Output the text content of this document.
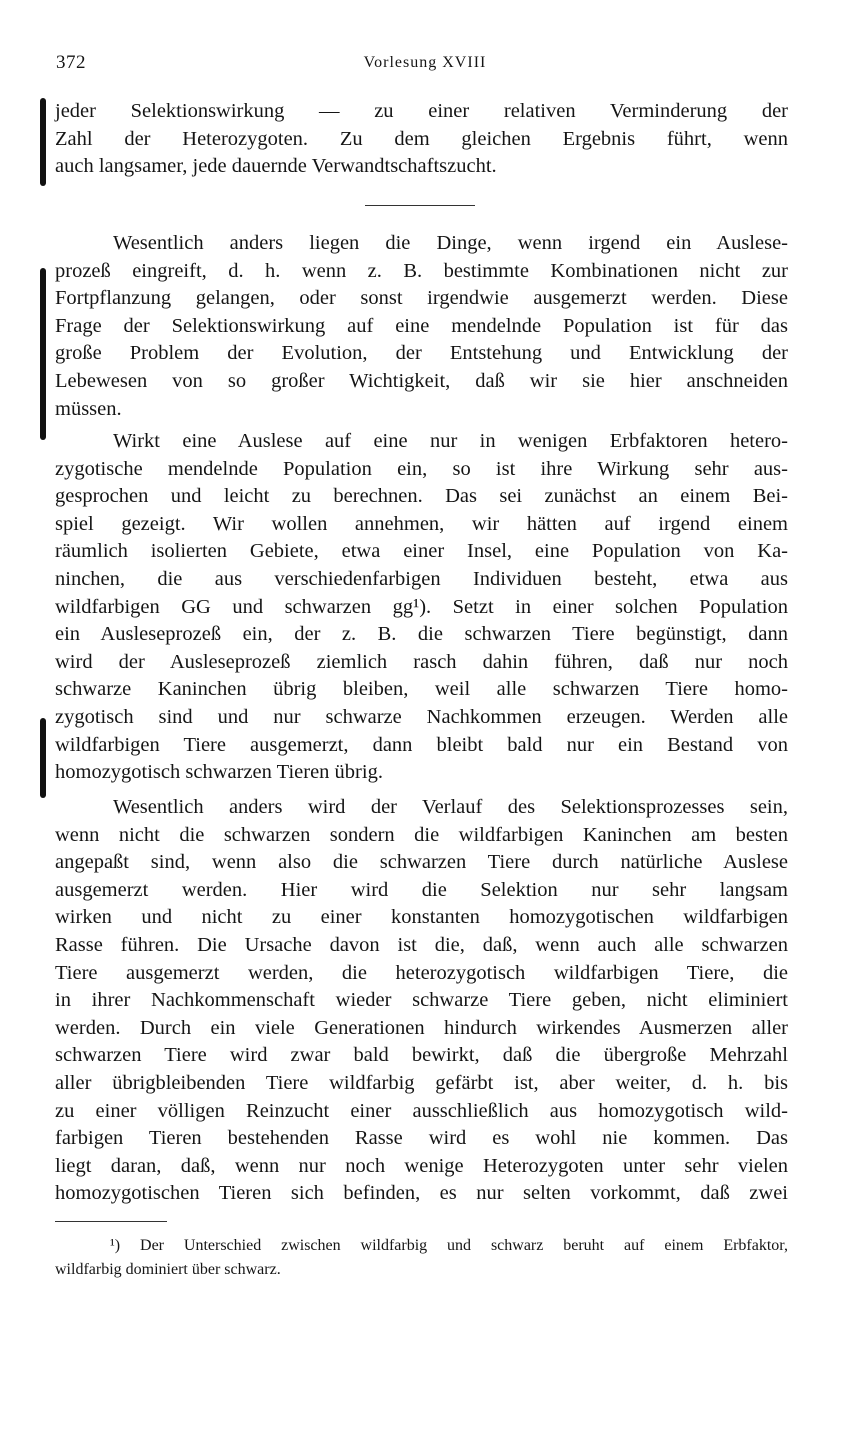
372	Vorlesung XVIII
jeder Selektionswirkung — zu einer relativen Verminderung der
Zahl der Heterozygoten. Zu dem gleichen Ergebnis führt, wenn
auch langsamer, jede dauernde Verwandtschaftszucht.
Wesentlich anders liegen die Dinge, wenn irgend ein Auslese-
prozeß eingreift, d. h. wenn z. B. bestimmte Kombinationen nicht zur
Fortpflanzung gelangen, oder sonst irgendwie ausgemerzt werden. Diese
Frage der Selektionswirkung auf eine mendelnde Population ist für das
große Problem der Evolution, der Entstehung und Entwicklung der
Lebewesen von so großer Wichtigkeit, daß wir sie hier anschneiden
müssen.
Wirkt eine Auslese auf eine nur in wenigen Erbfaktoren hetero-
zygotische mendelnde Population ein, so ist ihre Wirkung sehr aus-
gesprochen und leicht zu berechnen. Das sei zunächst an einem Bei-
spiel gezeigt. Wir wollen annehmen, wir hätten auf irgend einem
räumlich isolierten Gebiete, etwa einer Insel, eine Population von Ka-
ninchen, die aus verschiedenfarbigen Individuen besteht, etwa aus
wildfarbigen GG und schwarzen gg¹). Setzt in einer solchen Population
ein Ausleseprozeß ein, der z. B. die schwarzen Tiere begünstigt, dann
wird der Ausleseprozeß ziemlich rasch dahin führen, daß nur noch
schwarze Kaninchen übrig bleiben, weil alle schwarzen Tiere homo-
zygotisch sind und nur schwarze Nachkommen erzeugen. Werden alle
wildfarbigen Tiere ausgemerzt, dann bleibt bald nur ein Bestand von
homozygotisch schwarzen Tieren übrig.
Wesentlich anders wird der Verlauf des Selektionsprozesses sein,
wenn nicht die schwarzen sondern die wildfarbigen Kaninchen am besten
angepaßt sind, wenn also die schwarzen Tiere durch natürliche Auslese
ausgemerzt werden. Hier wird die Selektion nur sehr langsam
wirken und nicht zu einer konstanten homozygotischen wildfarbigen
Rasse führen. Die Ursache davon ist die, daß, wenn auch alle schwarzen
Tiere ausgemerzt werden, die heterozygotisch wildfarbigen Tiere, die
in ihrer Nachkommenschaft wieder schwarze Tiere geben, nicht eliminiert
werden. Durch ein viele Generationen hindurch wirkendes Ausmerzen aller
schwarzen Tiere wird zwar bald bewirkt, daß die übergroße Mehrzahl
aller übrigbleibenden Tiere wildfarbig gefärbt ist, aber weiter, d. h. bis
zu einer völligen Reinzucht einer ausschließlich aus homozygotisch wild-
farbigen Tieren bestehenden Rasse wird es wohl nie kommen. Das
liegt daran, daß, wenn nur noch wenige Heterozygoten unter sehr vielen
homozygotischen Tieren sich befinden, es nur selten vorkommt, daß zwei
¹) Der Unterschied zwischen wildfarbig und schwarz beruht auf einem Erbfaktor,
wildfarbig dominiert über schwarz.
